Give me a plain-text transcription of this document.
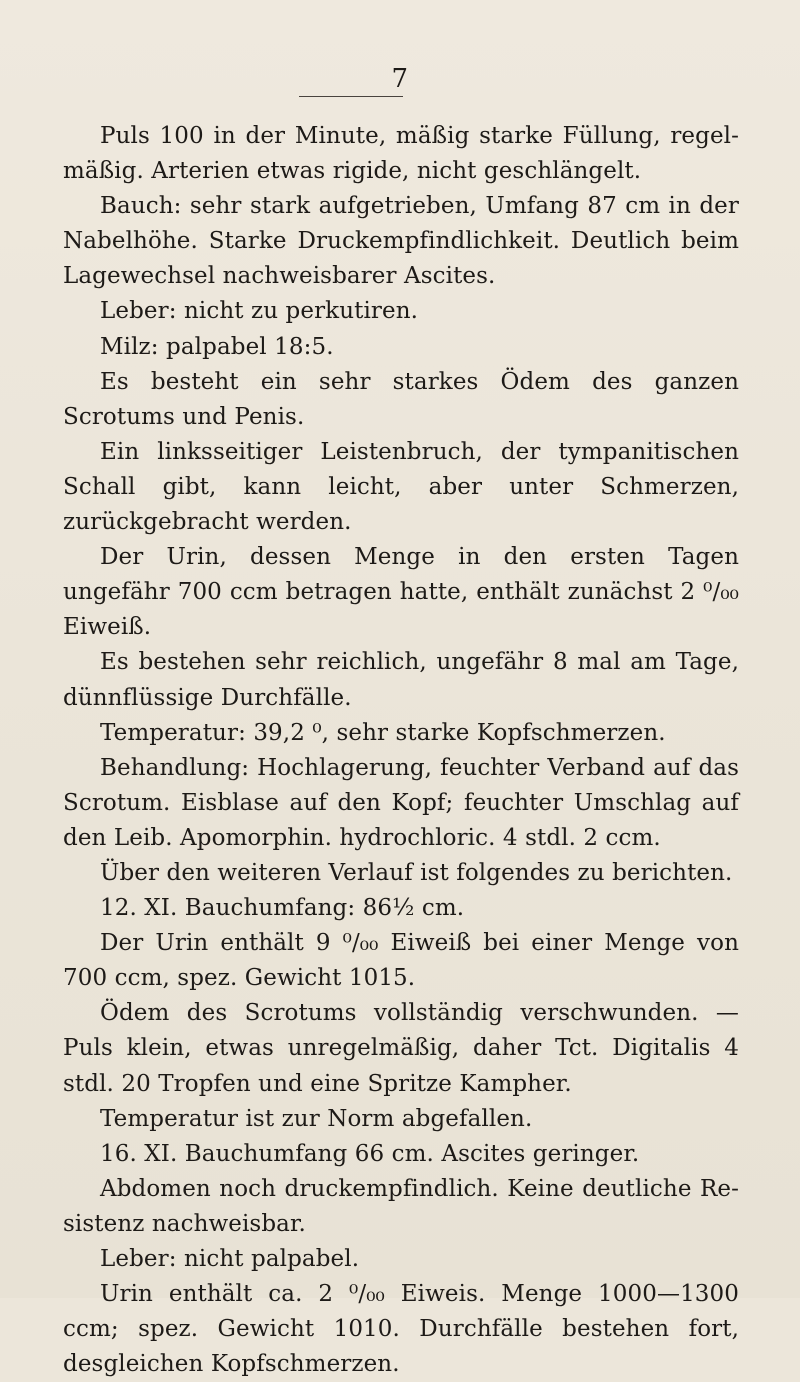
7

Puls 100 in der Minute, mäßig starke Füllung, regel-mäßig. Arterien etwas rigide, nicht geschlängelt.

Bauch: sehr stark aufgetrieben, Umfang 87 cm in der Nabelhöhe. Starke Druckempfindlichkeit. Deutlich beim Lagewechsel nachweisbarer Ascites.

Leber: nicht zu perkutiren.

Milz: palpabel 18:5.

Es besteht ein sehr starkes Ödem des ganzen Scrotums und Penis.

Ein linksseitiger Leistenbruch, der tympanitischen Schall gibt, kann leicht, aber unter Schmerzen, zurückgebracht werden.

Der Urin, dessen Menge in den ersten Tagen ungefähr 700 ccm betragen hatte, enthält zunächst 2 ⁰/₀₀ Eiweiß.

Es bestehen sehr reichlich, ungefähr 8 mal am Tage, dünnflüssige Durchfälle.

Temperatur: 39,2 ⁰, sehr starke Kopfschmerzen.

Behandlung: Hochlagerung, feuchter Verband auf das Scrotum. Eisblase auf den Kopf; feuchter Umschlag auf den Leib. Apomorphin. hydrochloric. 4 stdl. 2 ccm.

Über den weiteren Verlauf ist folgendes zu berichten.

12. XI. Bauchumfang: 86½ cm.

Der Urin enthält 9 ⁰/₀₀ Eiweiß bei einer Menge von 700 ccm, spez. Gewicht 1015.

Ödem des Scrotums vollständig verschwunden. — Puls klein, etwas unregelmäßig, daher Tct. Digitalis 4 stdl. 20 Tropfen und eine Spritze Kampher.

Temperatur ist zur Norm abgefallen.

16. XI. Bauchumfang 66 cm. Ascites geringer.

Abdomen noch druckempfindlich. Keine deutliche Re-sistenz nachweisbar.

Leber: nicht palpabel.

Urin enthält ca. 2 ⁰/₀₀ Eiweis. Menge 1000—1300 ccm; spez. Gewicht 1010. Durchfälle bestehen fort, desgleichen Kopfschmerzen.
